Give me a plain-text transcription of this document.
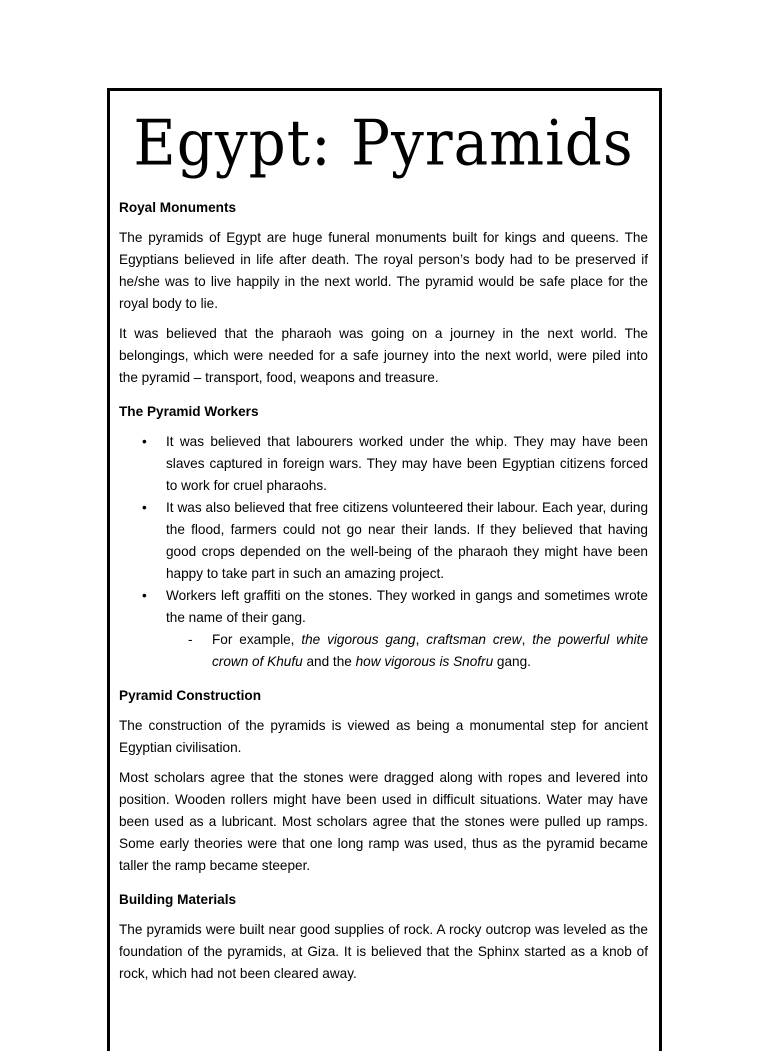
Egypt: Pyramids
Royal Monuments

The pyramids of Egypt are huge funeral monuments built for kings and queens. The Egyptians believed in life after death. The royal person’s body had to be preserved if he/she was to live happily in the next world. The pyramid would be safe place for the royal body to lie.

It was believed that the pharaoh was going on a journey in the next world. The belongings, which were needed for a safe journey into the next world, were piled into the pyramid – transport, food, weapons and treasure.

The Pyramid Workers
• It was believed that labourers worked under the whip. They may have been slaves captured in foreign wars. They may have been Egyptian citizens forced to work for cruel pharaohs.
• It was also believed that free citizens volunteered their labour. Each year, during the flood, farmers could not go near their lands. If they believed that having good crops depended on the well-being of the pharaoh they might have been happy to take part in such an amazing project.
• Workers left graffiti on the stones. They worked in gangs and sometimes wrote the name of their gang.
- For example, the vigorous gang, craftsman crew, the powerful white crown of Khufu and the how vigorous is Snofru gang.
Pyramid Construction

The construction of the pyramids is viewed as being a monumental step for ancient Egyptian civilisation.

Most scholars agree that the stones were dragged along with ropes and levered into position. Wooden rollers might have been used in difficult situations. Water may have been used as a lubricant. Most scholars agree that the stones were pulled up ramps. Some early theories were that one long ramp was used, thus as the pyramid became taller the ramp became steeper.

Building Materials

The pyramids were built near good supplies of rock. A rocky outcrop was leveled as the foundation of the pyramids, at Giza. It is believed that the Sphinx started as a knob of rock, which had not been cleared away.
